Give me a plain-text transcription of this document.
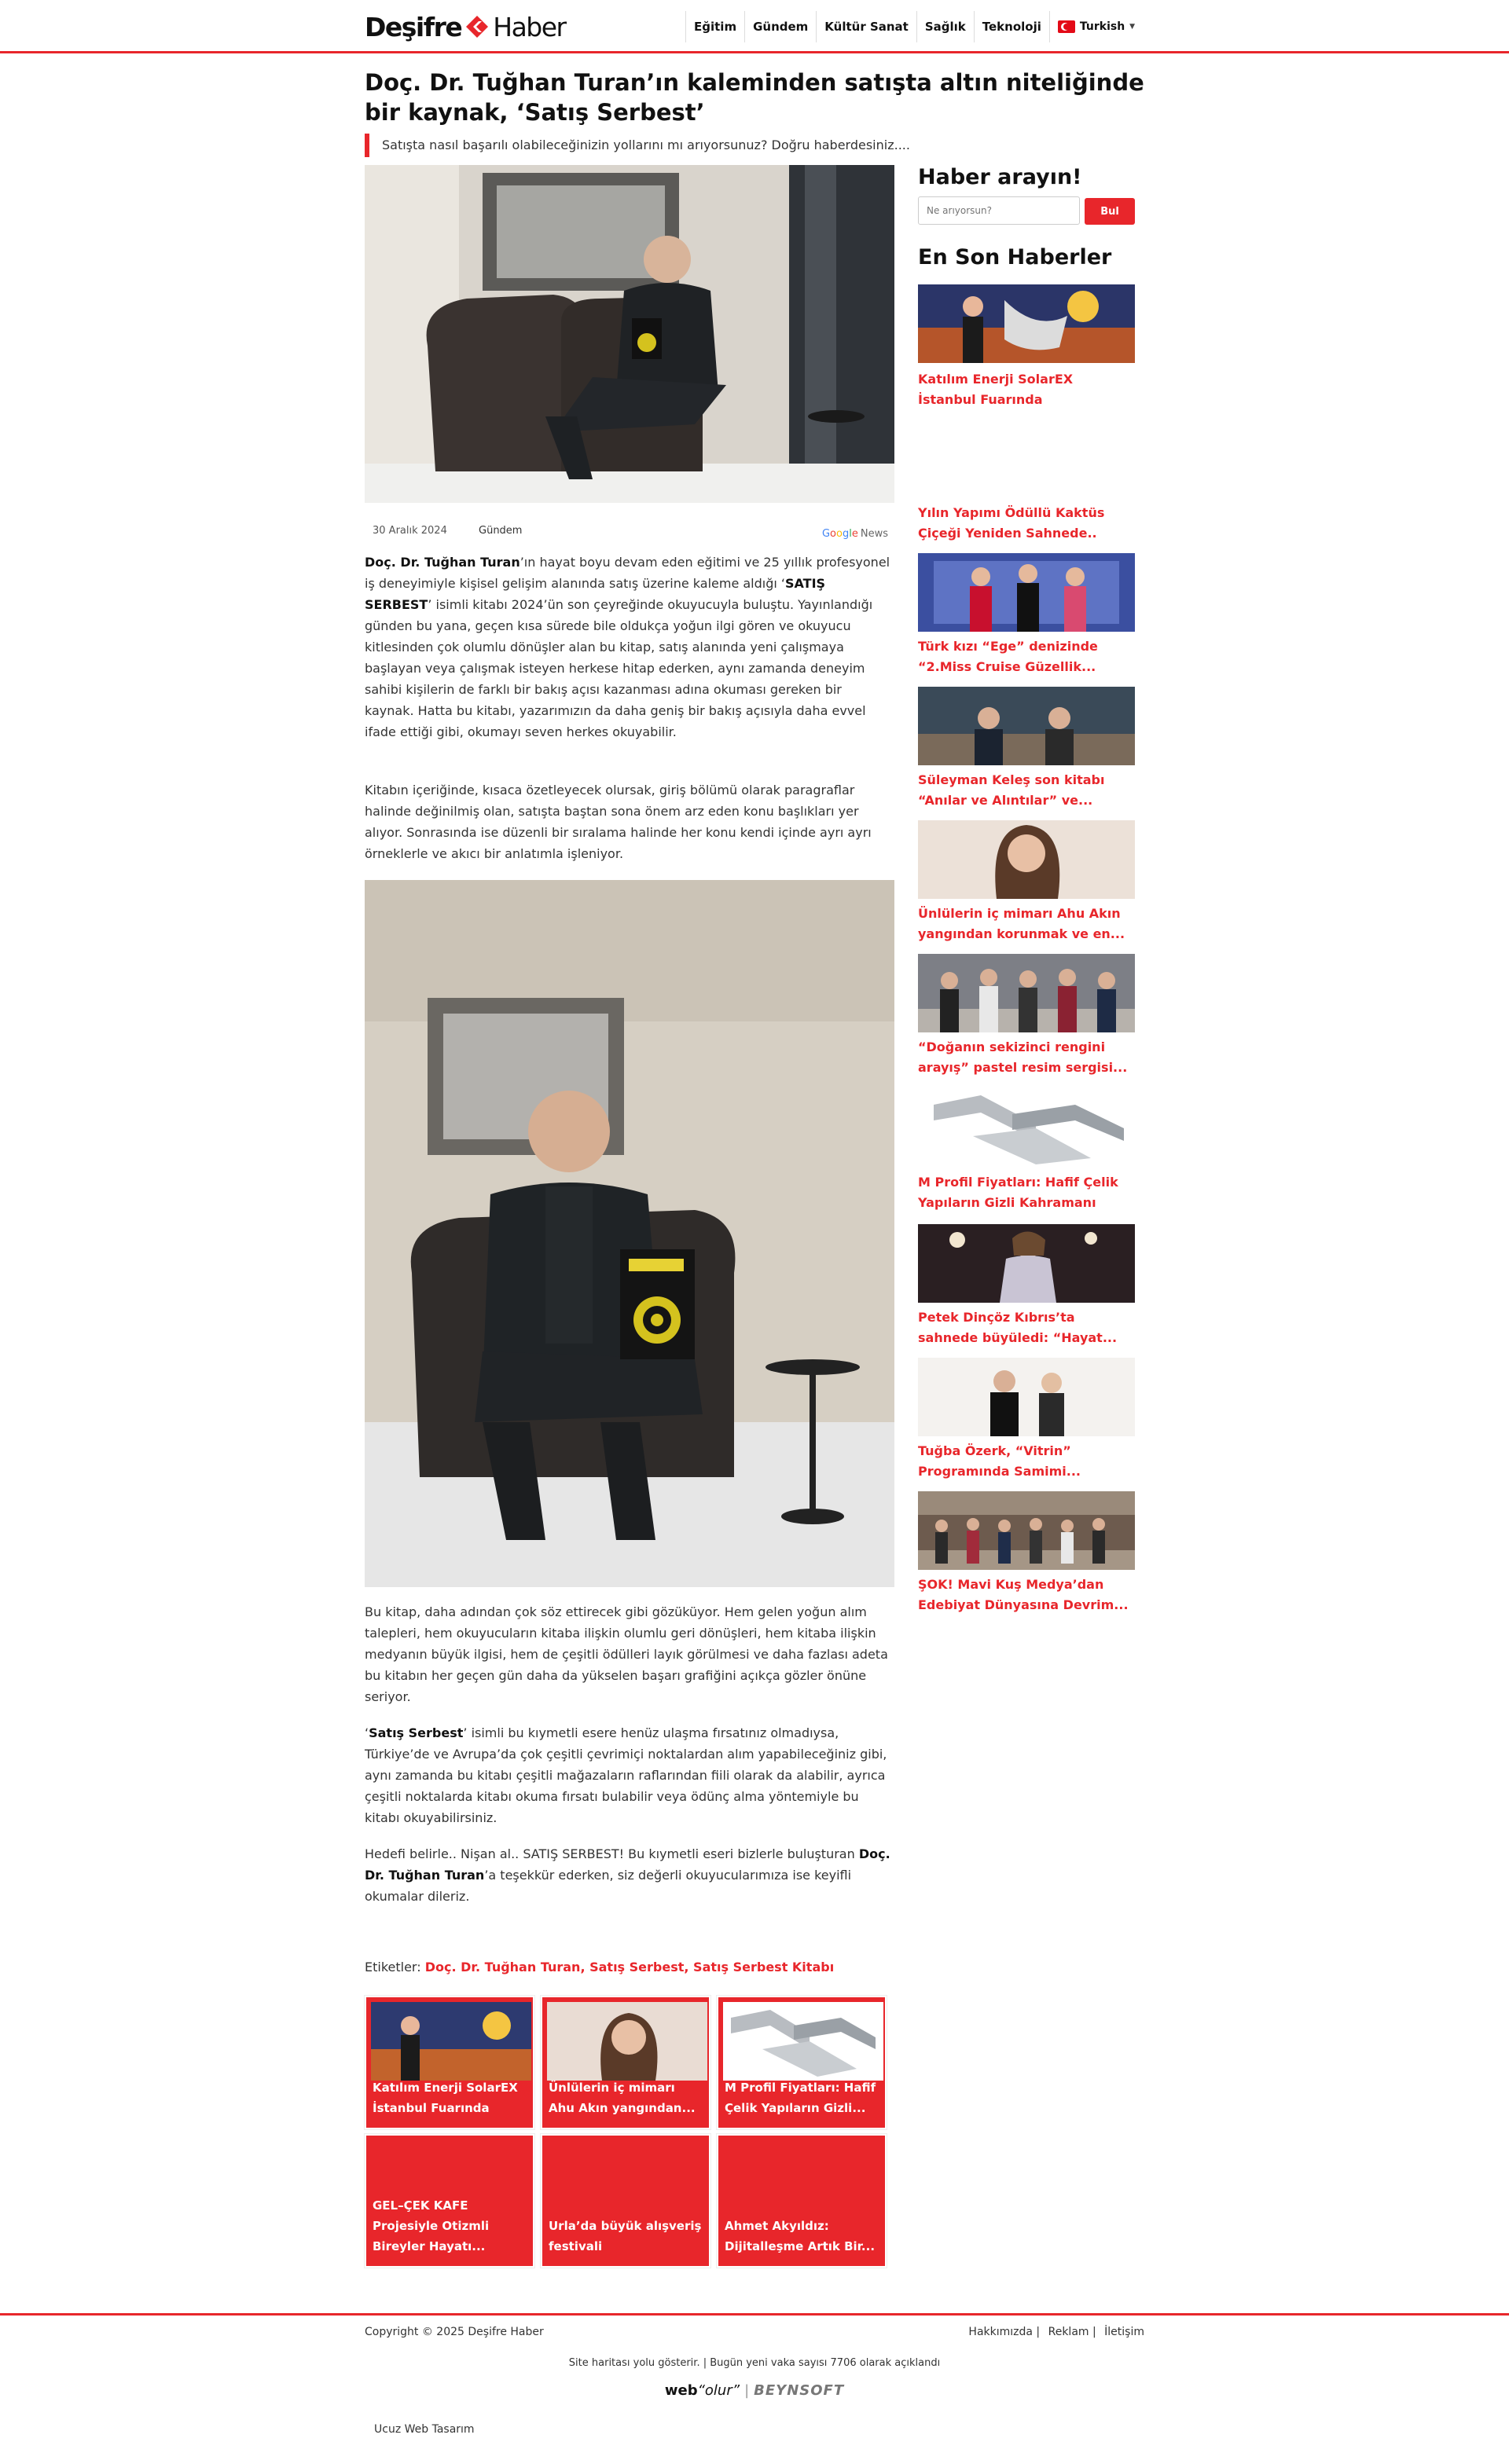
Deşifre Haber	Eğitim	Gündem	Kültür Sanat	Sağlık	Teknoloji	Turkish ▼
Doç. Dr. Tuğhan Turan’ın kaleminden satışta altın niteliğinde bir kaynak, ‘Satış Serbest’
Satışta nasıl başarılı olabileceğinizin yollarını mı arıyorsunuz? Doğru haberdesiniz....
30 Aralık 2024	Gündem	Google News
Doç. Dr. Tuğhan Turan’ın hayat boyu devam eden eğitimi ve 25 yıllık profesyonel iş deneyimiyle kişisel gelişim alanında satış üzerine kaleme aldığı ‘SATIŞ SERBEST’ isimli kitabı 2024’ün son çeyreğinde okuyucuyla buluştu. Yayınlandığı günden bu yana, geçen kısa sürede bile oldukça yoğun ilgi gören ve okuyucu kitlesinden çok olumlu dönüşler alan bu kitap, satış alanında yeni çalışmaya başlayan veya çalışmak isteyen herkese hitap ederken, aynı zamanda deneyim sahibi kişilerin de farklı bir bakış açısı kazanması adına okuması gereken bir kaynak. Hatta bu kitabı, yazarımızın da daha geniş bir bakış açısıyla daha evvel ifade ettiği gibi, okumayı seven herkes okuyabilir.
Kitabın içeriğinde, kısaca özetleyecek olursak, giriş bölümü olarak paragraflar halinde değinilmiş olan, satışta baştan sona önem arz eden konu başlıkları yer alıyor. Sonrasında ise düzenli bir sıralama halinde her konu kendi içinde ayrı ayrı örneklerle ve akıcı bir anlatımla işleniyor.
Bu kitap, daha adından çok söz ettirecek gibi gözüküyor. Hem gelen yoğun alım talepleri, hem okuyucuların kitaba ilişkin olumlu geri dönüşleri, hem kitaba ilişkin medyanın büyük ilgisi, hem de çeşitli ödülleri layık görülmesi ve daha fazlası adeta bu kitabın her geçen gün daha da yükselen başarı grafiğini açıkça gözler önüne seriyor.
‘Satış Serbest’ isimli bu kıymetli esere henüz ulaşma fırsatınız olmadıysa, Türkiye’de ve Avrupa’da çok çeşitli çevrimiçi noktalardan alım yapabileceğiniz gibi, aynı zamanda bu kitabı çeşitli mağazaların raflarından fiili olarak da alabilir, ayrıca çeşitli noktalarda kitabı okuma fırsatı bulabilir veya ödünç alma yöntemiyle bu kitabı okuyabilirsiniz.
Hedefi belirle.. Nişan al.. SATIŞ SERBEST! Bu kıymetli eseri bizlerle buluşturan Doç. Dr. Tuğhan Turan’a teşekkür ederken, siz değerli okuyucularımıza ise keyifli okumalar dileriz.
Etiketler: Doç. Dr. Tuğhan Turan, Satış Serbest, Satış Serbest Kitabı
Katılım Enerji SolarEX İstanbul Fuarında
Ünlülerin iç mimarı Ahu Akın yangından...
M Profil Fiyatları: Hafif Çelik Yapıların Gizli...
GEL–ÇEK KAFE Projesiyle Otizmli Bireyler Hayatı...
Urla’da büyük alışveriş festivali
Ahmet Akyıldız: Dijitalleşme Artık Bir...
Haber arayın!
Ne arıyorsun?
Bul
En Son Haberler
Katılım Enerji SolarEX İstanbul Fuarında
Yılın Yapımı Ödüllü Kaktüs Çiçeği Yeniden Sahnede..
Türk kızı “Ege” denizinde “2.Miss Cruise Güzellik...
Süleyman Keleş son kitabı “Anılar ve Alıntılar” ve...
Ünlülerin iç mimarı Ahu Akın yangından korunmak ve en...
“Doğanın sekizinci rengini arayış” pastel resim sergisi...
M Profil Fiyatları: Hafif Çelik Yapıların Gizli Kahramanı
Petek Dinçöz Kıbrıs’ta sahnede büyüledi: “Hayat...
Tuğba Özerk, “Vitrin” Programında Samimi...
ŞOK! Mavi Kuş Medya’dan Edebiyat Dünyasına Devrim...
Copyright © 2025 Deşifre Haber	Hakkımızda | Reklam | İletişim
Site haritası yolu gösterir. | Bugün yeni vaka sayısı 7706 olarak açıklandı
web“olur” | BEYNSOFT
Ucuz Web Tasarım
